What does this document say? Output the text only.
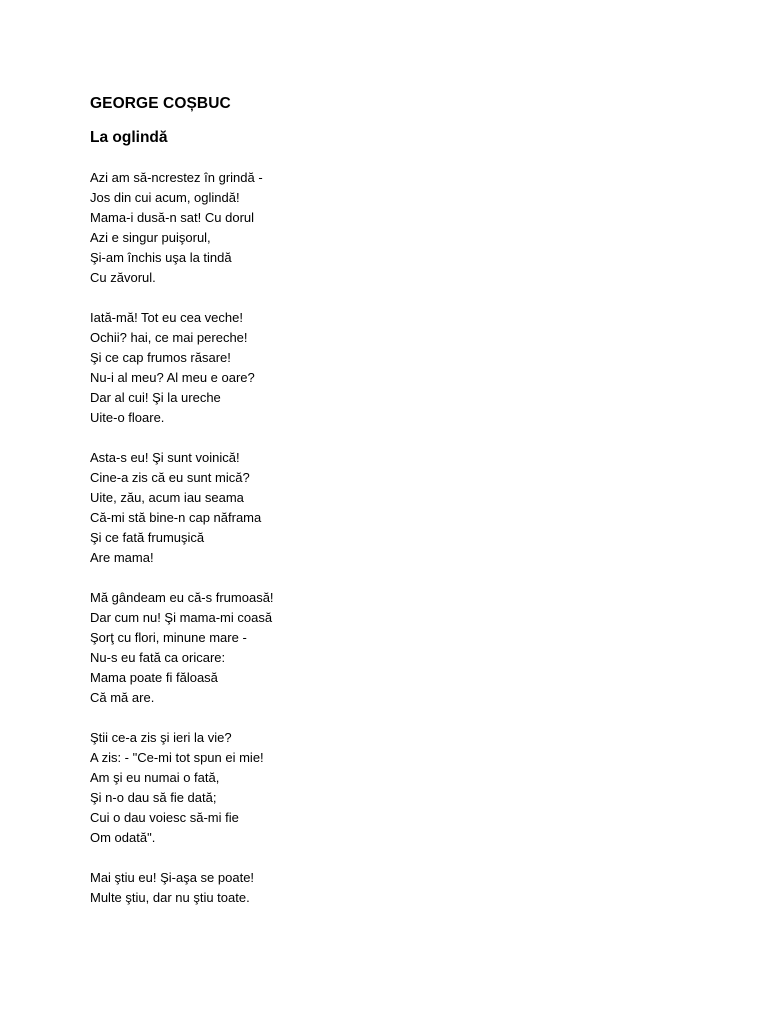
GEORGE COȘBUC
La oglindă
Azi am să-ncrestez în grindă -
Jos din cui acum, oglindă!
Mama-i dusă-n sat! Cu dorul
Azi e singur puişorul,
Şi-am închis uşa la tindă
Cu zăvorul.
Iată-mă! Tot eu cea veche!
Ochii? hai, ce mai pereche!
Şi ce cap frumos răsare!
Nu-i al meu? Al meu e oare?
Dar al cui! Şi la ureche
Uite-o floare.
Asta-s eu! Şi sunt voinică!
Cine-a zis că eu sunt mică?
Uite, zău, acum iau seama
Că-mi stă bine-n cap năframa
Şi ce fată frumuşică
Are mama!
Mă gândeam eu că-s frumoasă!
Dar cum nu! Şi mama-mi coasă
Şorţ cu flori, minune mare -
Nu-s eu fată ca oricare:
Mama poate fi făloasă
Că mă are.
Ştii ce-a zis şi ieri la vie?
A zis: - "Ce-mi tot spun ei mie!
Am şi eu numai o fată,
Şi n-o dau să fie dată;
Cui o dau voiesc să-mi fie
Om odată".
Mai ştiu eu! Şi-aşa se poate!
Multe ştiu, dar nu ştiu toate.
